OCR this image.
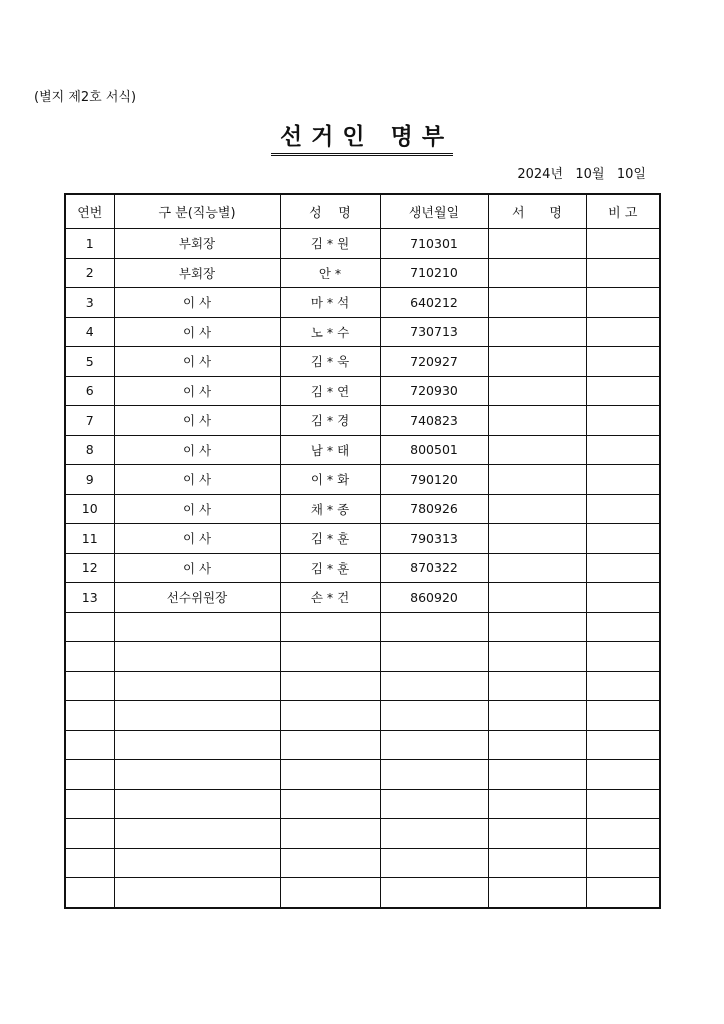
(별지 제2호 서식)
선거인 명부
2024년   10월   10일
연번	구 분(직능별)	성    명	생년월일	서      명	비 고
1	부회장	김 * 원	710301		
2	부회장	안 *	710210		
3	이 사	마 * 석	640212		
4	이 사	노 * 수	730713		
5	이 사	김 * 욱	720927		
6	이 사	김 * 연	720930		
7	이 사	김 * 경	740823		
8	이 사	남 * 태	800501		
9	이 사	이 * 화	790120		
10	이 사	채 * 종	780926		
11	이 사	김 * 훈	790313		
12	이 사	김 * 훈	870322		
13	선수위원장	손 * 건	860920		
